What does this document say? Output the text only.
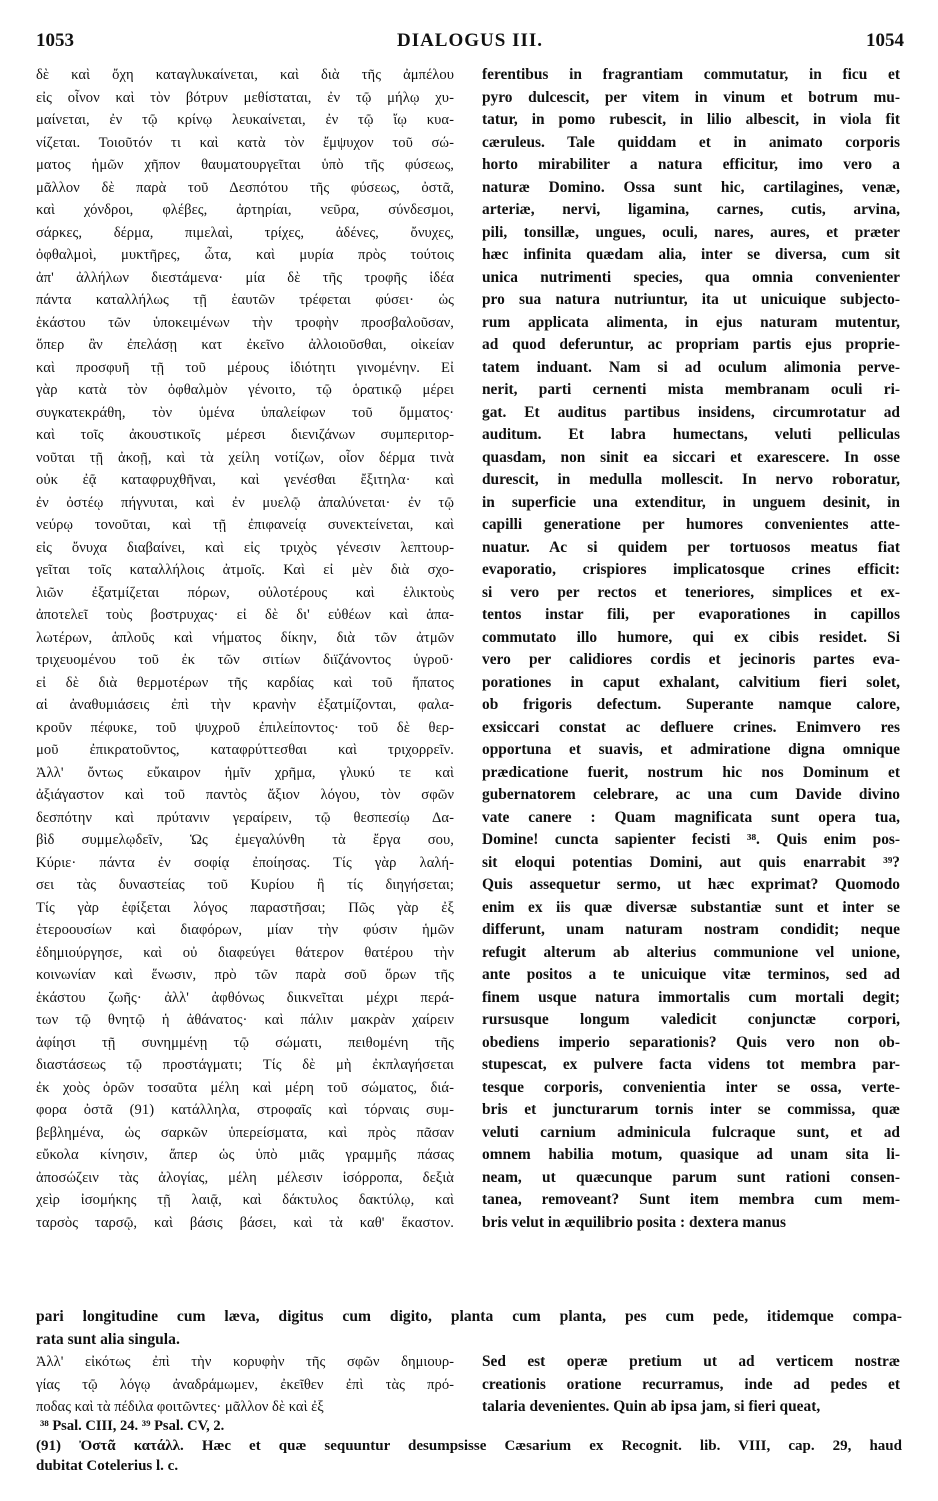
1053	DIALOGUS III.	1054
δὲ καὶ ὄχη καταγλυκαίνεται, καὶ διὰ τῆς ἀμπέλου
εἰς οἶνον καὶ τὸν βότρυν μεθίσταται, ἐν τῷ μήλῳ χυ-
μαίνεται, ἐν τῷ κρίνῳ λευκαίνεται, ἐν τῷ ἴῳ κυα-
νίζεται. Τοιοῦτόν τι καὶ κατὰ τὸν ἔμψυχον τοῦ σώ-
ματος ἡμῶν χῆπον θαυματουργεῖται ὑπὸ τῆς φύσεως,
μᾶλλον δὲ παρὰ τοῦ Δεσπότου τῆς φύσεως, ὀστᾶ,
καὶ χόνδροι, φλέβες, ἀρτηρίαι, νεῦρα, σύνδεσμοι,
σάρκες, δέρμα, πιμελαὶ, τρίχες, ἀδένες, ὄνυχες,
ὀφθαλμοὶ, μυκτῆρες, ὦτα, καὶ μυρία πρὸς τούτοις
ἀπ' ἀλλήλων διεστάμενα· μία δὲ τῆς τροφῆς ἰδέα
πάντα καταλλήλως τῇ ἑαυτῶν τρέφεται φύσει· ὡς
ἑκάστου τῶν ὑποκειμένων τὴν τροφὴν προσβαλοῦσαν,
ὅπερ ἂν ἐπελάσῃ κατ ἐκεῖνο ἀλλοιοῦσθαι, οἰκείαν
καὶ προσφυῆ τῇ τοῦ μέρους ἰδιότητι γινομένην. Εἰ
γὰρ κατὰ τὸν ὀφθαλμὸν γένοιτο, τῷ ὁρατικῷ μέρει
συγκατεκράθη, τὸν ὑμένα ὑπαλείφων τοῦ ὄμματος·
καὶ τοῖς ἀκουστικοῖς μέρεσι διενιζάνων συμπεριτορ-
νοῦται τῇ ἀκοῇ, καὶ τὰ χείλη νοτίζων, οἷον δέρμα τινὰ
οὐκ ἐᾷ καταφρυχθῆναι, καὶ γενέσθαι ἔξιτηλα· καὶ
ἐν ὀστέῳ πήγνυται, καὶ ἐν μυελῷ ἀπαλύνεται· ἐν τῷ
νεύρῳ τονοῦται, καὶ τῇ ἐπιφανείᾳ συνεκτείνεται, καὶ
εἰς ὄνυχα διαβαίνει, καὶ εἰς τριχὸς γένεσιν λεπτουρ-
γεῖται τοῖς καταλλήλοις ἀτμοῖς. Καὶ εἰ μὲν διὰ σχο-
λιῶν ἐξατμίζεται πόρων, οὐλοτέρους καὶ ἑλικτοὺς
ἀποτελεῖ τοὺς βοστρυχας· εἰ δὲ δι' εὐθέων καὶ ἁπα-
λωτέρων, ἁπλοῦς καὶ νήματος δίκην, διὰ τῶν ἀτμῶν
τριχευομένου τοῦ ἐκ τῶν σιτίων διϊζάνοντος ὑγροῦ·
εἰ δὲ διὰ θερμοτέρων τῆς καρδίας καὶ τοῦ ἥπατος
αἱ ἀναθυμιάσεις ἐπὶ τὴν κρανὴν ἐξατμίζονται, φαλα-
κροῦν πέφυκε, τοῦ ψυχροῦ ἐπιλείποντος· τοῦ δὲ θερ-
μοῦ ἐπικρατοῦντος, καταφρύττεσθαι καὶ τριχορρεῖν.
Ἀλλ' ὄντως εὔκαιρον ἡμῖν χρῆμα, γλυκύ τε καὶ
ἀξιάγαστον καὶ τοῦ παντὸς ἄξιον λόγου, τὸν σφῶν
δεσπότην καὶ πρύτανιν γεραίρειν, τῷ θεσπεσίῳ Δα-
βὶδ συμμελῳδεῖν, Ὡς ἐμεγαλύνθη τὰ ἔργα σου,
Κύριε· πάντα ἐν σοφίᾳ ἐποίησας. Τίς γὰρ λαλή-
σει τὰς δυναστείας τοῦ Κυρίου ἢ τίς διηγήσεται;
Τίς γὰρ ἐφίξεται λόγος παραστῆσαι; Πῶς γὰρ ἐξ
ἑτεροουσίων καὶ διαφόρων, μίαν τὴν φύσιν ἡμῶν
ἐδημιούργησε, καὶ οὐ διαφεύγει θάτερον θατέρου τὴν
κοινωνίαν καὶ ἕνωσιν, πρὸ τῶν παρὰ σοῦ ὅρων τῆς
ἑκάστου ζωῆς· ἀλλ' ἀφθόνως διικνεῖται μέχρι περά-
των τῷ θνητῷ ἡ ἀθάνατος· καὶ πάλιν μακρὰν χαίρειν
ἀφίησι τῇ συνημμένῃ τῷ σώματι, πειθομένη τῆς
διαστάσεως τῷ προστάγματι; Τίς δὲ μὴ ἐκπλαγήσεται
ἐκ χοὸς ὁρῶν τοσαῦτα μέλη καὶ μέρη τοῦ σώματος, διά-
φορα ὀστᾶ (91) κατάλληλα, στροφαῖς καὶ τόρναις συμ-
βεβλημένα, ὡς σαρκῶν ὑπερείσματα, καὶ πρὸς πᾶσαν
εὔκολα κίνησιν, ἅπερ ὡς ὑπὸ μιᾶς γραμμῆς πάσας
ἀποσώζειν τὰς ἀλογίας, μέλη μέλεσιν ἰσόρροπα, δεξιὰ
χεὶρ ἰσομήκης τῇ λαιᾷ, καὶ δάκτυλος δακτύλῳ, καὶ
ταρσὸς ταρσῷ, καὶ βάσις βάσει, καὶ τὰ καθ' ἕκαστον.
ferentibus in fragrantiam commutatur, in ficu et
pyro dulcescit, per vitem in vinum et botrum mu-
tatur, in pomo rubescit, in lilio albescit, in viola fit
cæruleus. Tale quiddam et in animato corporis
horto mirabiliter a natura efficitur, imo vero a
naturæ Domino. Ossa sunt hic, cartilagines, venæ,
arteriæ, nervi, ligamina, carnes, cutis, arvina,
pili, tonsillæ, ungues, oculi, nares, aures, et præter
hæc infinita quædam alia, inter se diversa, cum sit
unica nutrimenti species, qua omnia convenienter
pro sua natura nutriuntur, ita ut unicuique subjecto-
rum applicata alimenta, in ejus naturam mutentur,
ad quod deferuntur, ac propriam partis ejus proprie-
tatem induant. Nam si ad oculum alimonia perve-
nerit, parti cernenti mista membranam oculi ri-
gat. Et auditus partibus insidens, circumrotatur ad
auditum. Et labra humectans, veluti pelliculas
quasdam, non sinit ea siccari et exarescere. In osse
durescit, in medulla mollescit. In nervo roboratur,
in superficie una extenditur, in unguem desinit, in
capilli generatione per humores convenientes atte-
nuatur. Ac si quidem per tortuosos meatus fiat
evaporatio, crispiores implicatosque crines efficit:
si vero per rectos et teneriores, simplices et ex-
tentos instar fili, per evaporationes in capillos
commutato illo humore, qui ex cibis residet. Si
vero per calidiores cordis et jecinoris partes eva-
porationes in caput exhalant, calvitium fieri solet,
ob frigoris defectum. Superante namque calore,
exsiccari constat ac defluere crines. Enimvero res
opportuna et suavis, et admiratione digna omnique
prædicatione fuerit, nostrum hic nos Dominum et
gubernatorem celebrare, ac una cum Davide divino
vate canere : Quam magnificata sunt opera tua,
Domine! cuncta sapienter fecisti ³⁸. Quis enim pos-
sit eloqui potentias Domini, aut quis enarrabit ³⁹?
Quis assequetur sermo, ut hæc exprimat? Quomodo
enim ex iis quæ diversæ substantiæ sunt et inter se
differunt, unam naturam nostram condidit; neque
refugit alterum ab alterius communione vel unione,
ante positos a te unicuique vitæ terminos, sed ad
finem usque natura immortalis cum mortali degit;
rursusque longum valedicit conjunctæ corpori,
obediens imperio separationis? Quis vero non ob-
stupescat, ex pulvere facta videns tot membra par-
tesque corporis, convenientia inter se ossa, verte-
bris et juncturarum tornis inter se commissa, quæ
veluti carnium adminicula fulcraque sunt, et ad
omnem habilia motum, quasique ad unam sita li-
neam, ut quæcunque parum sunt rationi consen-
tanea, removeant? Sunt item membra cum mem-
bris velut in æquilibrio posita : dextera manus
pari longitudine cum læva, digitus cum digito, planta cum planta, pes cum pede, itidemque compa-
rata sunt alia singula.
Ἀλλ' εἰκότως ἐπὶ τὴν κορυφὴν τῆς σφῶν δημιουρ-
γίας τῷ λόγῳ ἀναδράμωμεν, ἐκεῖθεν ἐπὶ τὰς πρό-
ποδας καὶ τὰ πέδιλα φοιτῶντες· μᾶλλον δὲ καὶ ἐξ
Sed est operæ pretium ut ad verticem nostræ
creationis oratione recurramus, inde ad pedes et
talaria devenientes. Quin ab ipsa jam, si fieri queat,
³⁸ Psal. CIII, 24. ³⁹ Psal. CV, 2.
(91) Ὀστᾶ κατάλλ. Hæc et quæ sequuntur desumpsisse Cæsarium ex Recognit. lib. VIII, cap. 29, haud
dubitat Cotelerius l. c.
